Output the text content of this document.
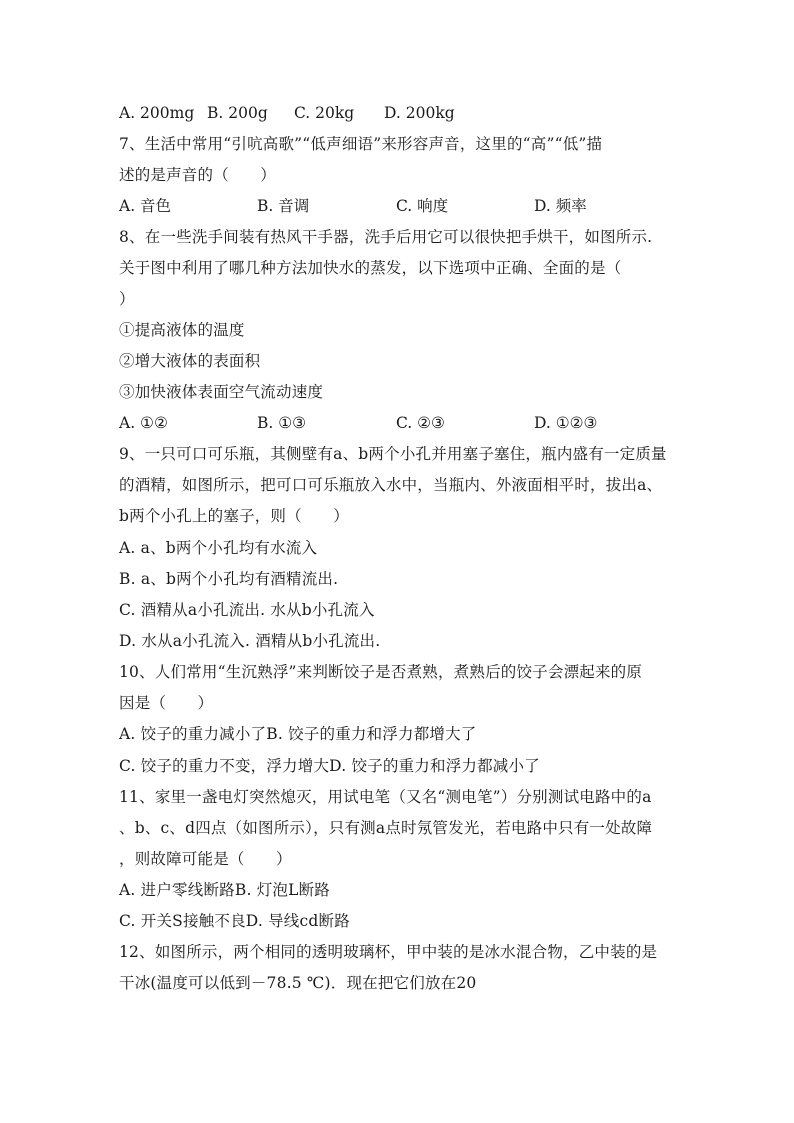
A. 200mg

B. 200g

C. 20kg

D. 200kg

7、生活中常用“引吭高歌”“低声细语”来形容声音，这里的“高”“低”描
述的是声音的（　　）

A. 音色

	B. 音调

	C. 响度

	D. 频率

8、在一些洗手间装有热风干手器，洗手后用它可以很快把手烘干，如图所示.
关于图中利用了哪几种方法加快水的蒸发，以下选项中正确、全面的是（
）
①提高液体的温度
②增大液体的表面积
③加快液体表面空气流动速度

A. ①②

	B. ①③

	C. ②③

	D. ①②③

9、一只可口可乐瓶，其侧壁有a、b两个小孔并用塞子塞住，瓶内盛有一定质量
的酒精，如图所示，把可口可乐瓶放入水中，当瓶内、外液面相平时，拔出a、
b两个小孔上的塞子，则（　　）
A. a、b两个小孔均有水流入
B. a、b两个小孔均有酒精流出.
C. 酒精从a小孔流出. 水从b小孔流入
D. 水从a小孔流入. 酒精从b小孔流出.
10、人们常用“生沉熟浮”来判断饺子是否煮熟，煮熟后的饺子会漂起来的原
因是（　　）
A. 饺子的重力减小了B. 饺子的重力和浮力都增大了
C. 饺子的重力不变，浮力增大D. 饺子的重力和浮力都减小了
11、家里一盏电灯突然熄灭，用试电笔（又名“测电笔”）分别测试电路中的a
、b、c、d四点（如图所示），只有测a点时氖管发光，若电路中只有一处故障
，则故障可能是（　　）
A. 进户零线断路B. 灯泡L断路
C. 开关S接触不良D. 导线cd断路
12、如图所示，两个相同的透明玻璃杯，甲中装的是冰水混合物，乙中装的是
干冰(温度可以低到－78.5 ℃)．现在把它们放在20
